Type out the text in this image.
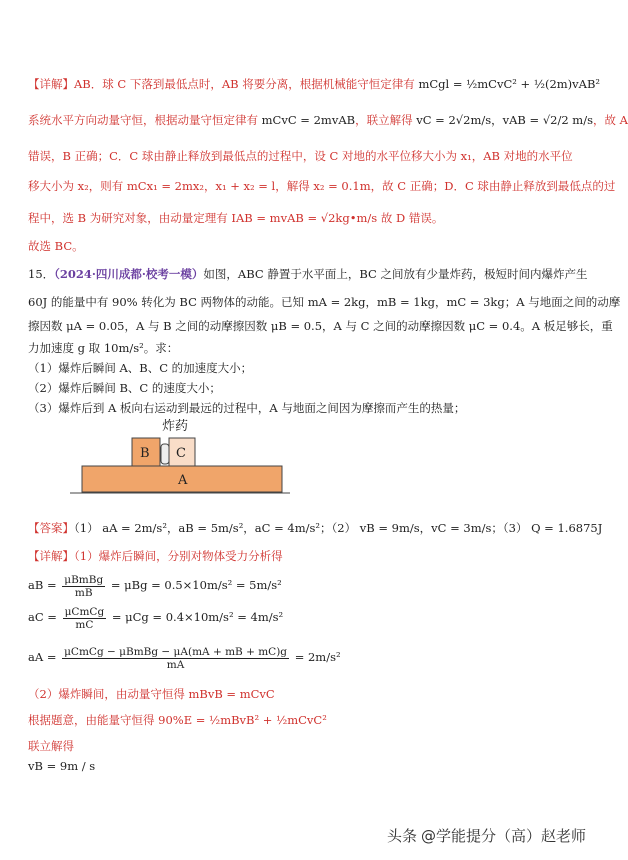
【详解】AB．球 C 下落到最低点时，AB 将要分离，根据机械能守恒定律有 mCgl = ½mCvC² + ½(2m)vAB²
系统水平方向动量守恒，根据动量守恒定律有 mCvC = 2mvAB，联立解得 vC = 2√2m/s，vAB = √2/2 m/s，故 A
错误，B 正确；C．C 球由静止释放到最低点的过程中，设 C 对地的水平位移大小为 x₁，AB 对地的水平位
移大小为 x₂，则有 mCx₁ = 2mx₂，x₁ + x₂ = l，解得 x₂ = 0.1m，故 C 正确；D．C 球由静止释放到最低点的过
程中，选 B 为研究对象，由动量定理有 IAB = mvAB = √2kg•m/s 故 D 错误。
故选 BC。
15．（2024·四川成都·校考一模）如图，ABC 静置于水平面上，BC 之间放有少量炸药，极短时间内爆炸产生
60J 的能量中有 90% 转化为 BC 两物体的动能。已知 mA = 2kg，mB = 1kg，mC = 3kg；A 与地面之间的动摩
擦因数 μA = 0.05，A 与 B 之间的动摩擦因数 μB = 0.5，A 与 C 之间的动摩擦因数 μC = 0.4。A 板足够长，重
力加速度 g 取 10m/s²。求：
（1）爆炸后瞬间 A、B、C 的加速度大小；
（2）爆炸后瞬间 B、C 的速度大小；
（3）爆炸后到 A 板向右运动到最远的过程中，A 与地面之间因为摩擦而产生的热量；
炸药
B C
A
【答案】（1） aA = 2m/s²，aB = 5m/s²，aC = 4m/s²；（2） vB = 9m/s，vC = 3m/s；（3） Q = 1.6875J
【详解】（1）爆炸后瞬间，分别对物体受力分析得
aB = $\frac{\text{μBmBg}}{mB} = \mu Bg = 0.5\times 10m/s^2 = 5m/s^2$
aC = $\frac{\text{μCmCg}}{mC} = \mu Cg = 0.4\times 10m/s^2 = 4m/s^2$
aA = $\frac{\text{μCmCg − μBmBg − μA(mA + mB + mC)g}}{mA} = 2m/s^2$
（2）爆炸瞬间，由动量守恒得 mBvB = mCvC
根据题意，由能量守恒得 90%E = ½mBvB² + ½mCvC²
联立解得
vB = 9m / s
头条 @学能提分（高）赵老师
